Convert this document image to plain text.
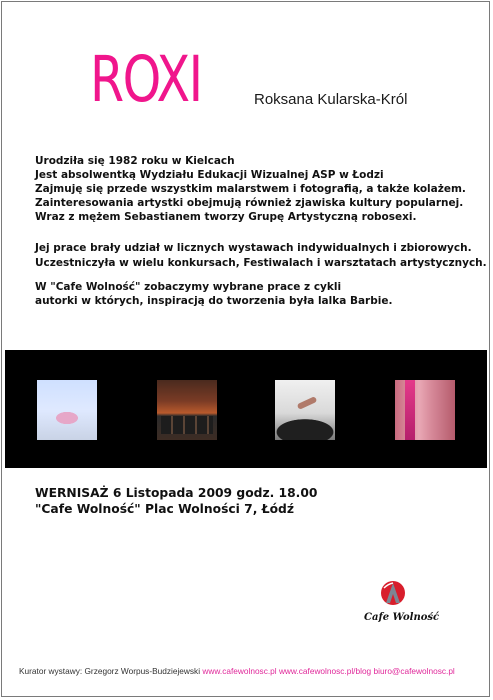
ROXI	Roksana Kularska-Król

Urodziła się 1982 roku w Kielcach

Jest absolwentką Wydziału Edukacji Wizualnej ASP w Łodzi

Zajmuję się przede wszystkim malarstwem i fotografią, a także kolażem.

Zainteresowania artystki obejmują również zjawiska kultury popularnej.

Wraz z mężem Sebastianem tworzy Grupę Artystyczną robosexi.

Jej prace brały udział w licznych wystawach indywidualnych i zbiorowych.

Uczestniczyła w wielu konkursach, Festiwalach i warsztatach artystycznych.

W "Cafe Wolność" zobaczymy wybrane prace z cykli

autorki w których, inspiracją do tworzenia była lalka Barbie.

WERNISAŻ 6 Listopada 2009 godz. 18.00

"Cafe Wolność" Plac Wolności 7, Łódź

Cafe Wolność
Kurator wystawy: Grzegorz Worpus-Budziejewski www.cafewolnosc.pl www.cafewolnosc.pl/blog biuro@cafewolnosc.pl
